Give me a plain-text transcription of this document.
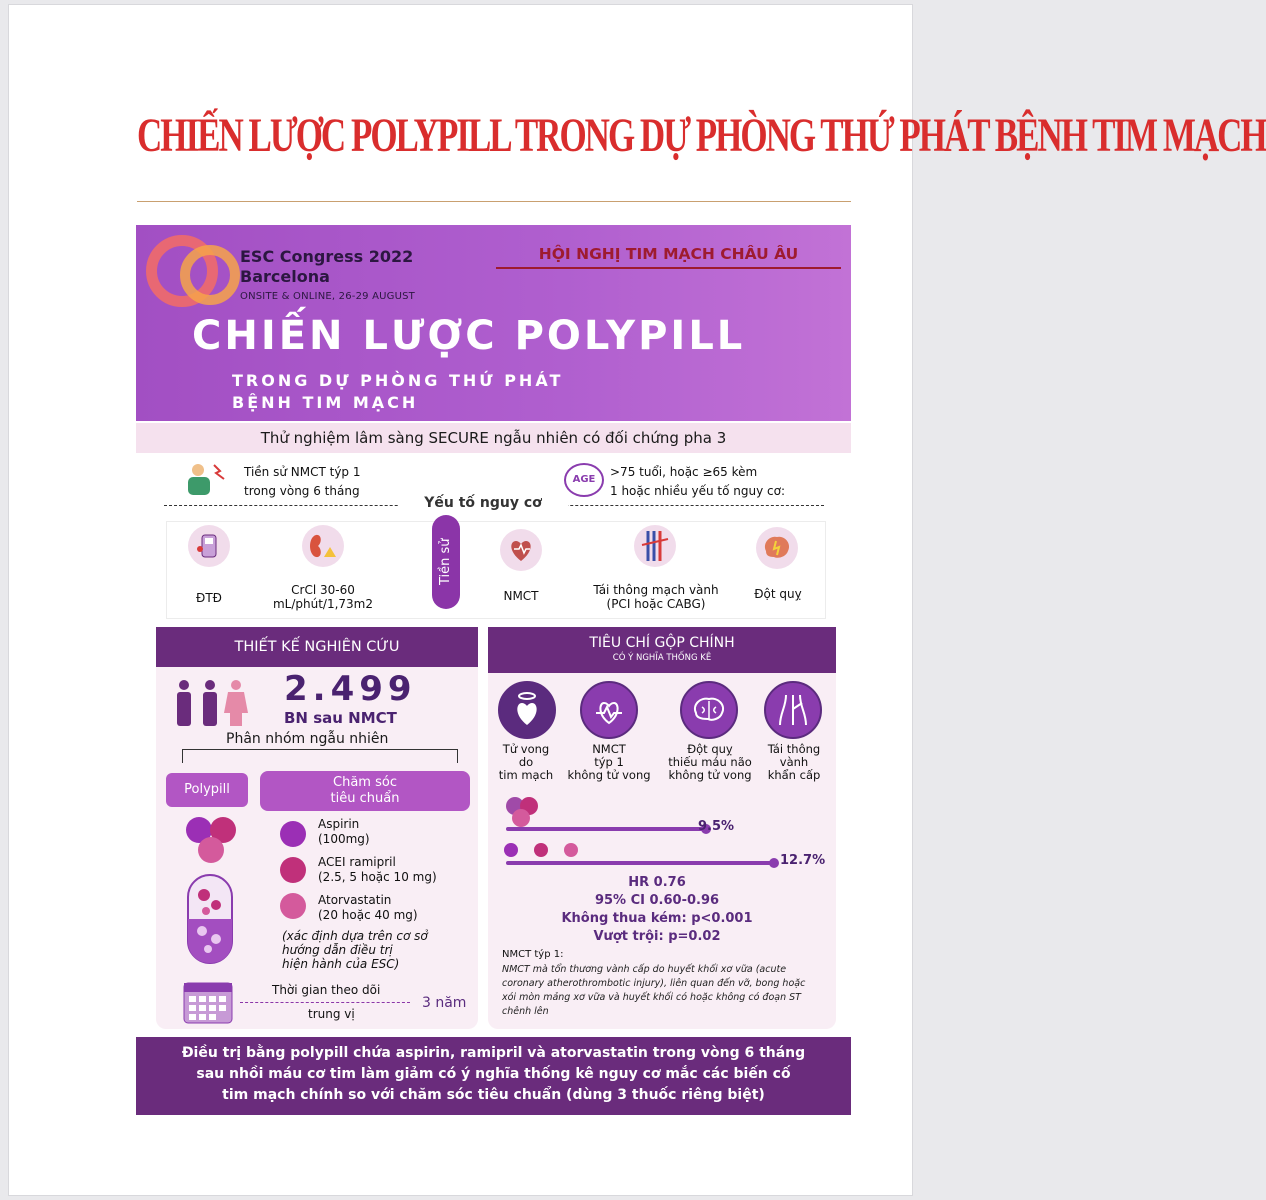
CHIẾN LƯỢC POLYPILL TRONG DỰ PHÒNG THỨ PHÁT BỆNH TIM MẠCH
ESC Congress 2022
Barcelona
ONSITE & ONLINE, 26-29 AUGUST
HỘI NGHỊ TIM MẠCH CHÂU ÂU
CHIẾN LƯỢC POLYPILL
TRONG DỰ PHÒNG THỨ PHÁT
BỆNH TIM MẠCH
Thử nghiệm lâm sàng SECURE ngẫu nhiên có đối chứng pha 3
Tiền sử NMCT týp 1
trong vòng 6 tháng
AGE
>75 tuổi, hoặc ≥65 kèm
1 hoặc nhiều yếu tố nguy cơ:
Yếu tố nguy cơ
ĐTĐ
CrCl 30-60
mL/phút/1,73m2
Tiền sử
NMCT	Tái thông mạch vành
(PCI hoặc CABG)
Đột quỵ
THIẾT KẾ NGHIÊN CỨU
2.499
BN sau NMCT
Phân nhóm ngẫu nhiên
Polypill	Chăm sóc
tiêu chuẩn
Aspirin
(100mg)
ACEI ramipril
(2.5, 5 hoặc 10 mg)
Atorvastatin
(20 hoặc 40 mg)
(xác định dựa trên cơ sở
hướng dẫn điều trị
hiện hành của ESC)
Thời gian theo dõi
trung vị
3 năm
TIÊU CHÍ GỘP CHÍNH
CÓ Ý NGHĨA THỐNG KÊ
Tử vong
do
tim mạch
NMCT
týp 1
không tử vong
Đột quỵ
thiếu máu não
không tử vong
Tái thông
vành
khẩn cấp
9.5%
12.7%
HR 0.76
95% CI 0.60-0.96
Không thua kém: p<0.001
Vượt trội: p=0.02
NMCT týp 1:
NMCT mà tổn thương vành cấp do huyết khối xơ vữa (acute coronary atherothrombotic injury), liên quan đến vỡ, bong hoặc xói mòn mảng xơ vữa và huyết khối có hoặc không có đoạn ST chênh lên
Điều trị bằng polypill chứa aspirin, ramipril và atorvastatin trong vòng 6 tháng
sau nhồi máu cơ tim làm giảm có ý nghĩa thống kê nguy cơ mắc các biến cố
tim mạch chính so với chăm sóc tiêu chuẩn (dùng 3 thuốc riêng biệt)
